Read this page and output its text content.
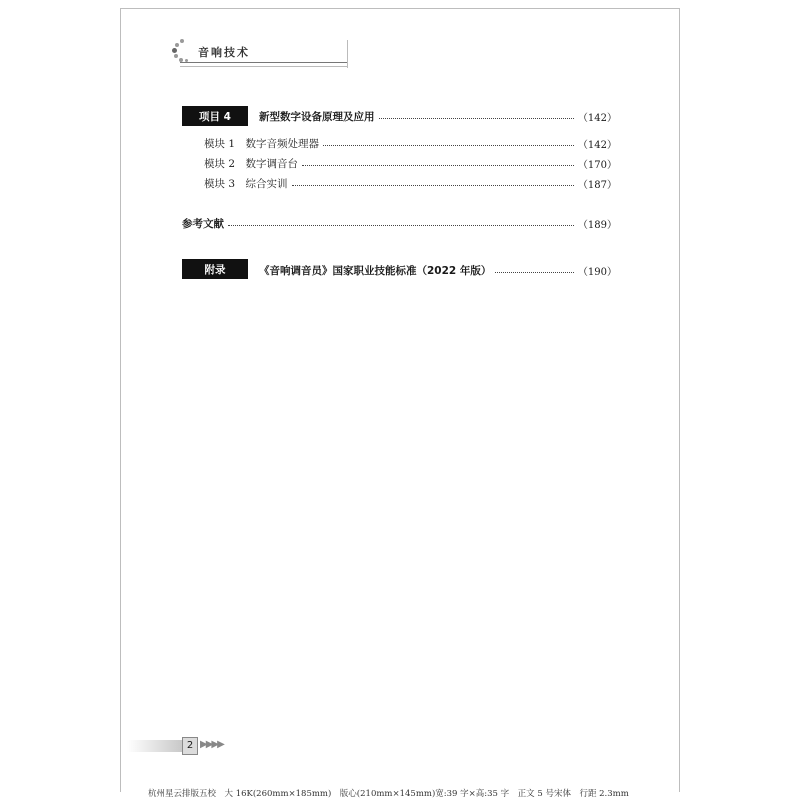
音响技术
项目 4	新型数字设备原理及应用	（142）
模块 1　数字音频处理器	（142）
模块 2　数字调音台	（170）
模块 3　综合实训	（187）
参考文献	（189）
附录	《音响调音员》国家职业技能标准（2022 年版）	（190）
2 ▶▶▶▶
杭州星云排版五校　大 16K(260mm×185mm)　版心(210mm×145mm)宽:39 字×高:35 字　正文 5 号宋体　行距 2.3mm
